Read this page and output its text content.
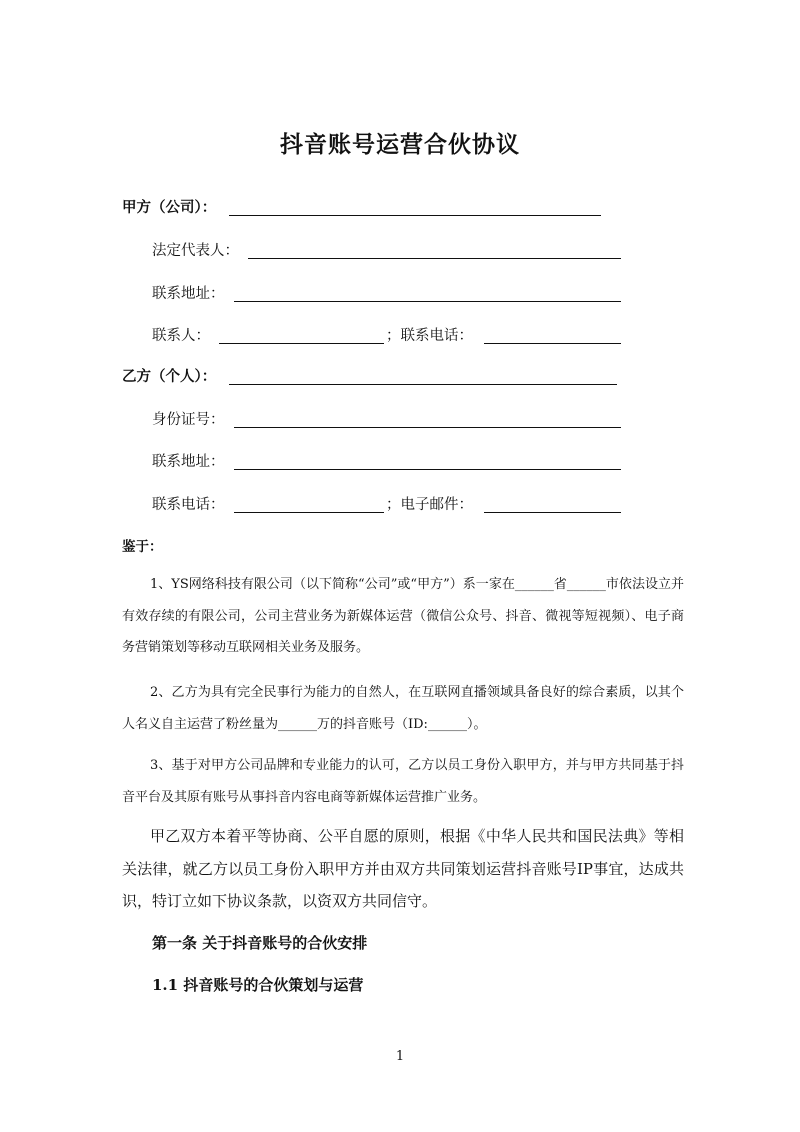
抖音账号运营合伙协议
甲方（公司）：
法定代表人：
联系地址：
联系人：	；联系电话：
乙方（个人）：
身份证号：
联系地址：
联系电话：	；电子邮件：
鉴于：
1、YS网络科技有限公司（以下简称“公司”或“甲方”）系一家在______省______市依法设立并有效存续的有限公司，公司主营业务为新媒体运营（微信公众号、抖音、微视等短视频）、电子商务营销策划等移动互联网相关业务及服务。
2、乙方为具有完全民事行为能力的自然人，在互联网直播领域具备良好的综合素质，以其个人名义自主运营了粉丝量为______万的抖音账号（ID:______）。
3、基于对甲方公司品牌和专业能力的认可，乙方以员工身份入职甲方，并与甲方共同基于抖音平台及其原有账号从事抖音内容电商等新媒体运营推广业务。
甲乙双方本着平等协商、公平自愿的原则，根据《中华人民共和国民法典》等相关法律，就乙方以员工身份入职甲方并由双方共同策划运营抖音账号IP事宜，达成共识，特订立如下协议条款，以资双方共同信守。
第一条 关于抖音账号的合伙安排
1.1 抖音账号的合伙策划与运营
1
